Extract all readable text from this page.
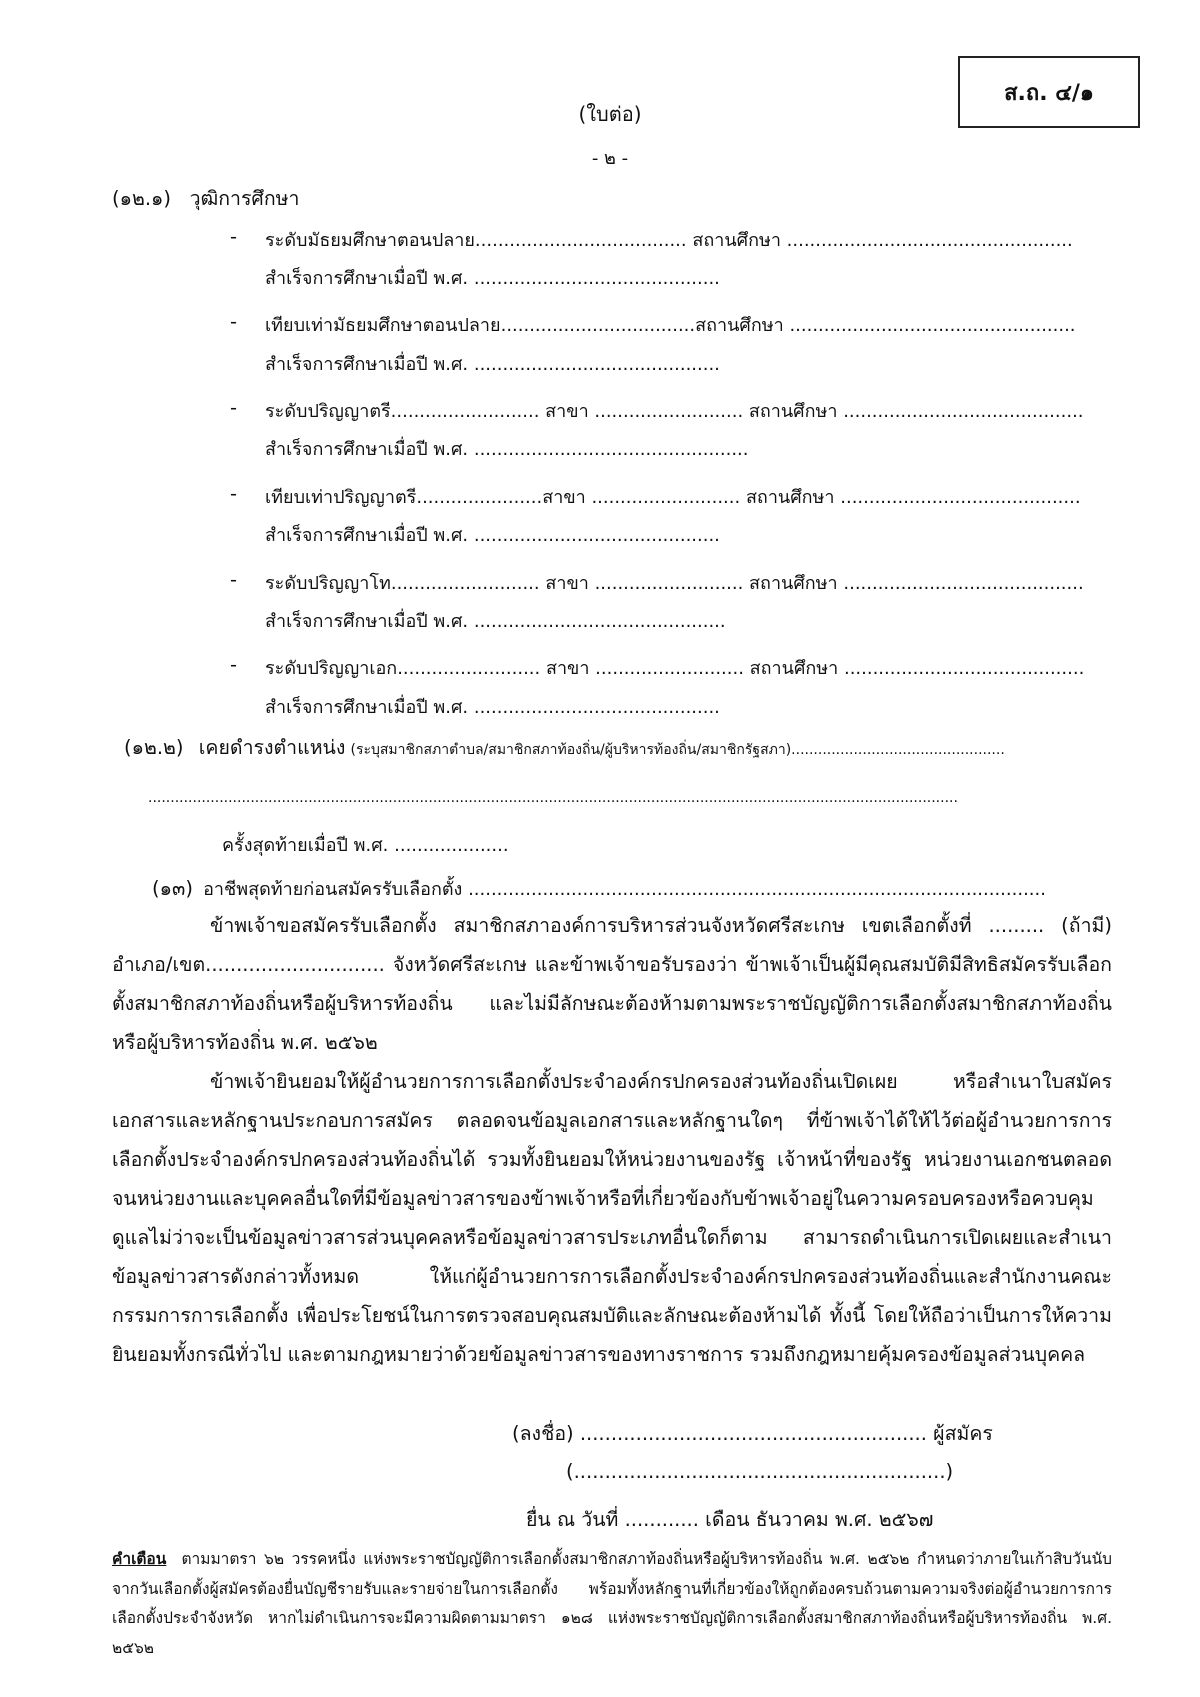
ส.ถ. ๔/๑
(ใบต่อ)
- ๒ -
(๑๒.๑) วุฒิการศึกษา
- ระดับมัธยมศึกษาตอนปลาย..................................... สถานศึกษา ..................................................
สำเร็จการศึกษาเมื่อปี พ.ศ. ...........................................
- เทียบเท่ามัธยมศึกษาตอนปลาย..................................สถานศึกษา ..................................................
สำเร็จการศึกษาเมื่อปี พ.ศ. ...........................................
- ระดับปริญญาตรี.......................... สาขา .......................... สถานศึกษา ..........................................
สำเร็จการศึกษาเมื่อปี พ.ศ. ................................................
- เทียบเท่าปริญญาตรี......................สาขา .......................... สถานศึกษา ..........................................
สำเร็จการศึกษาเมื่อปี พ.ศ. ...........................................
- ระดับปริญญาโท.......................... สาขา .......................... สถานศึกษา ..........................................
สำเร็จการศึกษาเมื่อปี พ.ศ. ............................................
- ระดับปริญญาเอก......................... สาขา .......................... สถานศึกษา ..........................................
สำเร็จการศึกษาเมื่อปี พ.ศ. ...........................................
(๑๒.๒) เคยดำรงตำแหน่ง (ระบุสมาชิกสภาตำบล/สมาชิกสภาท้องถิ่น/ผู้บริหารท้องถิ่น/สมาชิกรัฐสภา)................................................
......................................................................................................................................................................................
ครั้งสุดท้ายเมื่อปี พ.ศ. ....................
(๑๓) อาชีพสุดท้ายก่อนสมัครรับเลือกตั้ง .....................................................................................................
ข้าพเจ้าขอสมัครรับเลือกตั้ง สมาชิกสภาองค์การบริหารส่วนจังหวัดศรีสะเกษ เขตเลือกตั้งที่ ......... (ถ้ามี) อำเภอ/เขต............................. จังหวัดศรีสะเกษ และข้าพเจ้าขอรับรองว่า ข้าพเจ้าเป็นผู้มีคุณสมบัติมีสิทธิสมัครรับเลือกตั้งสมาชิกสภาท้องถิ่นหรือผู้บริหารท้องถิ่น และไม่มีลักษณะต้องห้ามตามพระราชบัญญัติการเลือกตั้งสมาชิกสภาท้องถิ่นหรือผู้บริหารท้องถิ่น พ.ศ. ๒๕๖๒
ข้าพเจ้ายินยอมให้ผู้อำนวยการการเลือกตั้งประจำองค์กรปกครองส่วนท้องถิ่นเปิดเผย หรือสำเนาใบสมัครเอกสารและหลักฐานประกอบการสมัคร ตลอดจนข้อมูลเอกสารและหลักฐานใดๆ ที่ข้าพเจ้าได้ให้ไว้ต่อผู้อำนวยการการเลือกตั้งประจำองค์กรปกครองส่วนท้องถิ่นได้ รวมทั้งยินยอมให้หน่วยงานของรัฐ เจ้าหน้าที่ของรัฐ หน่วยงานเอกชนตลอดจนหน่วยงานและบุคคลอื่นใดที่มีข้อมูลข่าวสารของข้าพเจ้าหรือที่เกี่ยวข้องกับข้าพเจ้าอยู่ในความครอบครองหรือควบคุมดูแลไม่ว่าจะเป็นข้อมูลข่าวสารส่วนบุคคลหรือข้อมูลข่าวสารประเภทอื่นใดก็ตาม สามารถดำเนินการเปิดเผยและสำเนาข้อมูลข่าวสารดังกล่าวทั้งหมด ให้แก่ผู้อำนวยการการเลือกตั้งประจำองค์กรปกครองส่วนท้องถิ่นและสำนักงานคณะกรรมการการเลือกตั้ง เพื่อประโยชน์ในการตรวจสอบคุณสมบัติและลักษณะต้องห้ามได้ ทั้งนี้ โดยให้ถือว่าเป็นการให้ความยินยอมทั้งกรณีทั่วไป และตามกฎหมายว่าด้วยข้อมูลข่าวสารของทางราชการ รวมถึงกฎหมายคุ้มครองข้อมูลส่วนบุคคล
(ลงชื่อ) ........................................................ ผู้สมัคร
(............................................................)
ยื่น ณ วันที่ ............ เดือน ธันวาคม พ.ศ. ๒๕๖๗
คำเตือน ตามมาตรา ๖๒ วรรคหนึ่ง แห่งพระราชบัญญัติการเลือกตั้งสมาชิกสภาท้องถิ่นหรือผู้บริหารท้องถิ่น พ.ศ. ๒๕๖๒ กำหนดว่าภายในเก้าสิบวันนับจากวันเลือกตั้งผู้สมัครต้องยื่นบัญชีรายรับและรายจ่ายในการเลือกตั้ง พร้อมทั้งหลักฐานที่เกี่ยวข้องให้ถูกต้องครบถ้วนตามความจริงต่อผู้อำนวยการการเลือกตั้งประจำจังหวัด หากไม่ดำเนินการจะมีความผิดตามมาตรา ๑๒๘ แห่งพระราชบัญญัติการเลือกตั้งสมาชิกสภาท้องถิ่นหรือผู้บริหารท้องถิ่น พ.ศ. ๒๕๖๒
